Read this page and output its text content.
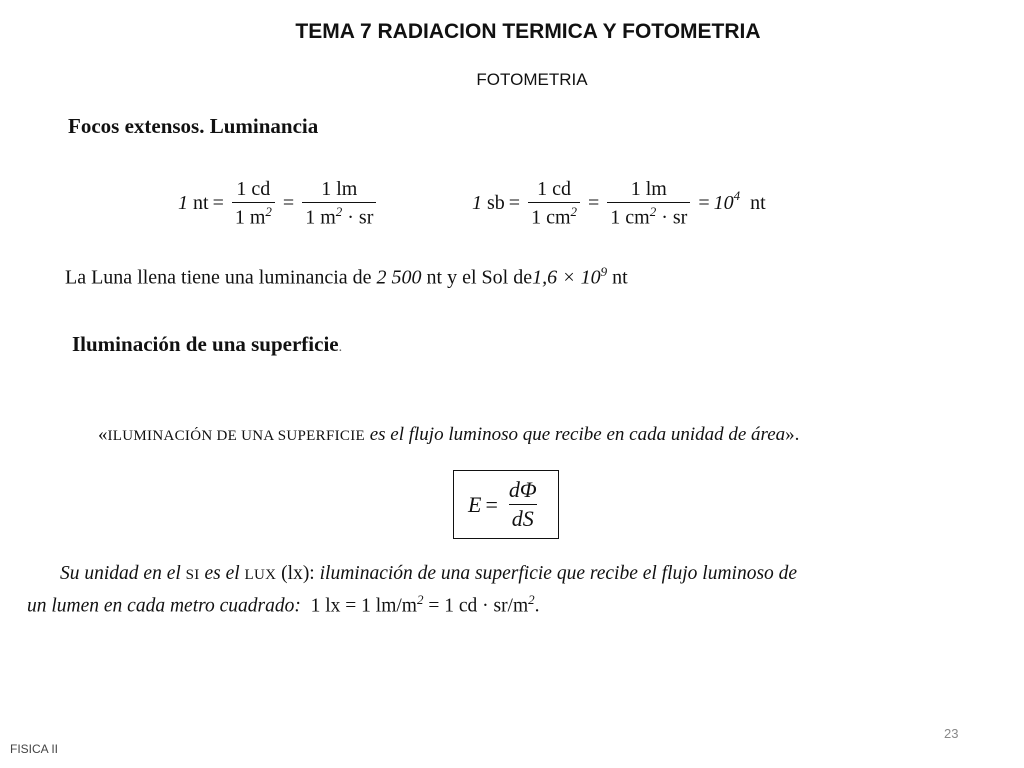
TEMA 7 RADIACION TERMICA Y FOTOMETRIA
FOTOMETRIA
Focos extensos. Luminancia
1
nt = $\frac{1 cd}{1 m^2} = \frac{1 lm}{1 m^2 \cdot sr}$	1
sb = $\frac{1 cd}{1 cm^2} = \frac{1 lm}{1 cm^2 \cdot sr} = 10^4$
nt
La Luna llena tiene una luminancia de 2 500 nt y el Sol $de1,6 \times 10^9$ nt
Iluminación de una superficie.
«ILUMINACIÓN DE UNA SUPERFICIE es el flujo luminoso que recibe en cada unidad de área».
$E = \frac{d\Phi}{dS}$
Su unidad en el SI es el LUX (lx): iluminación de una superficie que recibe el flujo luminoso de
un lumen en cada metro cuadrado: 1 lx = 1 $lm/m^2 = 1$ cd · $sr/m^2$.
23
FISICA II
